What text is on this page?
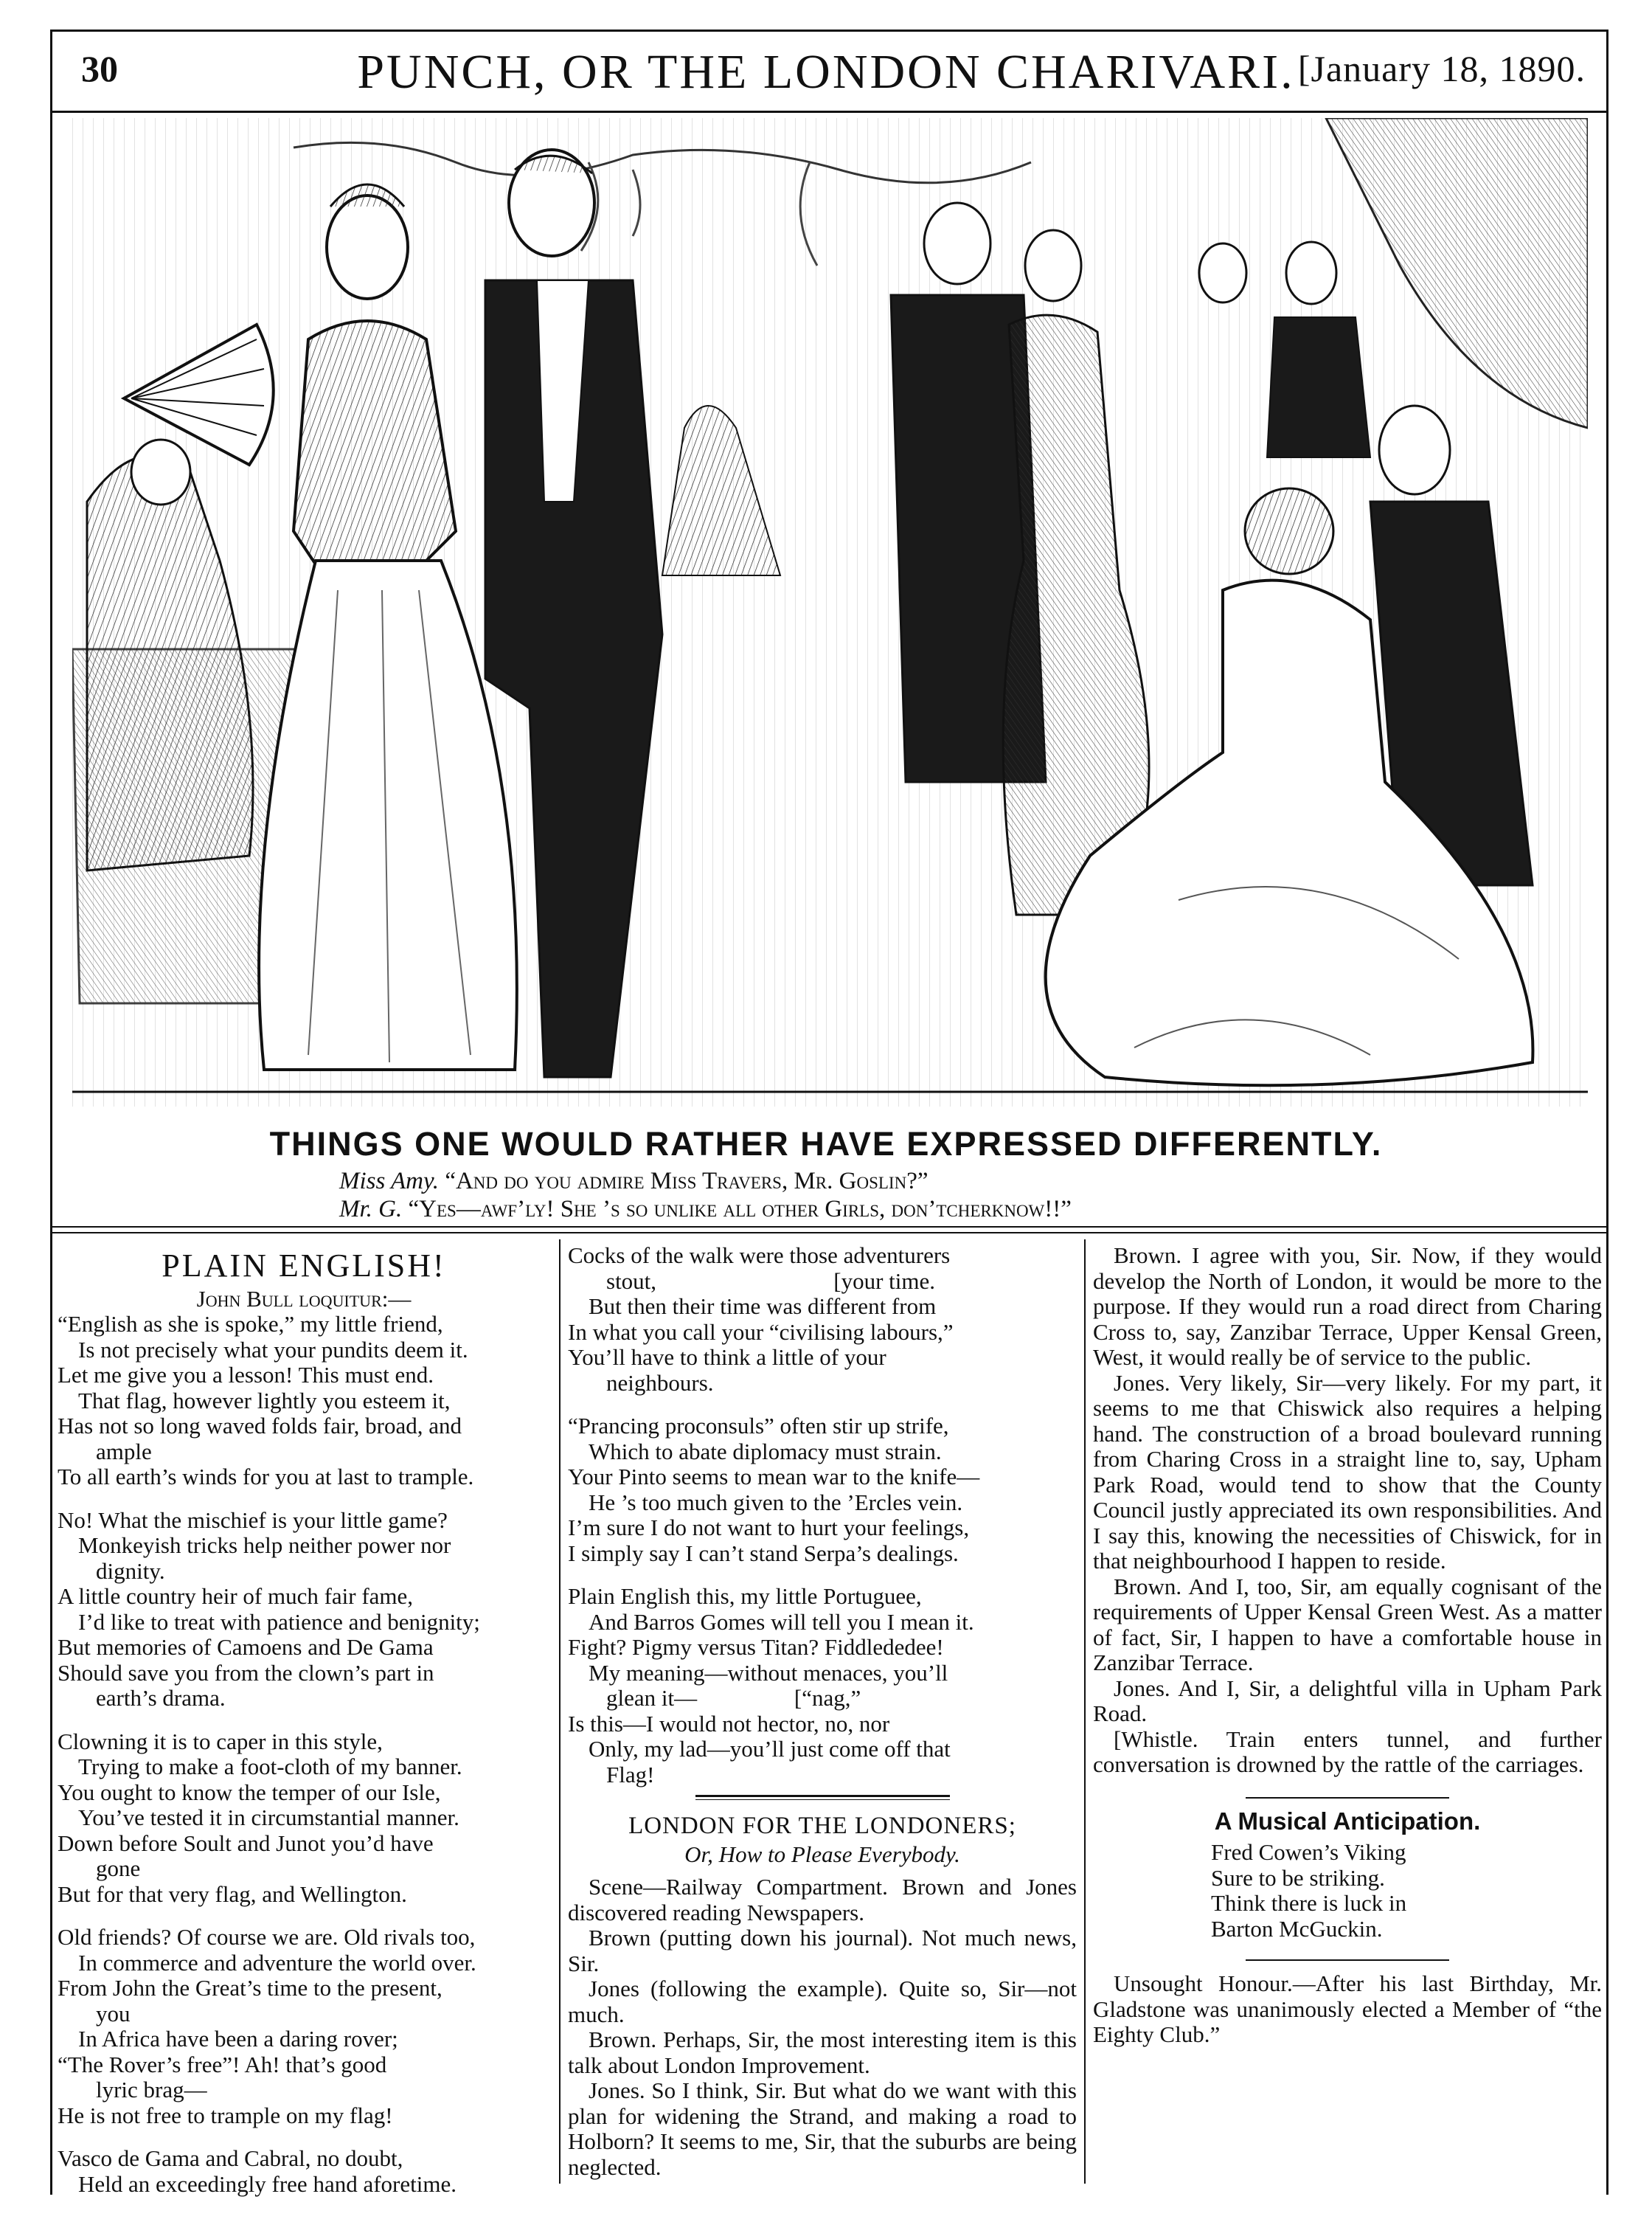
30	PUNCH, OR THE LONDON CHARIVARI. [January 18, 1890.
THINGS ONE WOULD RATHER HAVE EXPRESSED DIFFERENTLY.
Miss Amy. “And do you admire Miss Travers, Mr. Goslin?”
Mr. G. “Yes—awf’ly! She ’s so unlike all other Girls, don’tcherknow!!”
PLAIN ENGLISH!

John Bull loquitur:—

“English as she is spoke,” my little friend,

Is not precisely what your pundits deem it.

Let me give you a lesson! This must end.

That flag, however lightly you esteem it,

Has not so long waved folds fair, broad, and

ample

To all earth’s winds for you at last to trample.

No! What the mischief is your little game?

Monkeyish tricks help neither power nor

dignity.

A little country heir of much fair fame,

I’d like to treat with patience and benignity;

But memories of Camoens and De Gama

Should save you from the clown’s part in

earth’s drama.

Clowning it is to caper in this style,

Trying to make a foot-cloth of my banner.

You ought to know the temper of our Isle,

You’ve tested it in circumstantial manner.

Down before Soult and Junot you’d have

gone

But for that very flag, and Wellington.

Old friends? Of course we are. Old rivals too,

In commerce and adventure the world over.

From John the Great’s time to the present,

you

In Africa have been a daring rover;

“The Rover’s free”! Ah! that’s good

lyric brag—

He is not free to trample on my flag!

Vasco de Gama and Cabral, no doubt,

Held an exceedingly free hand aforetime.

Cocks of the walk were those adventurers

stout,                               [your time.

But then their time was different from

In what you call your “civilising labours,”

You’ll have to think a little of your

neighbours.

“Prancing proconsuls” often stir up strife,

Which to abate diplomacy must strain.

Your Pinto seems to mean war to the knife—

He ’s too much given to the ’Ercles vein.

I’m sure I do not want to hurt your feelings,

I simply say I can’t stand Serpa’s dealings.

Plain English this, my little Portuguee,

And Barros Gomes will tell you I mean it.

Fight? Pigmy versus Titan? Fiddlededee!

My meaning—without menaces, you’ll

glean it—                 [“nag,”

Is this—I would not hector, no, nor

Only, my lad—you’ll just come off that

Flag!

LONDON FOR THE LONDONERS;

Or, How to Please Everybody.

Scene—Railway Compartment. Brown and Jones discovered reading Newspapers.

Brown (putting down his journal). Not much news, Sir.

Jones (following the example). Quite so, Sir—not much.

Brown. Perhaps, Sir, the most interesting item is this talk about London Improvement.

Jones. So I think, Sir. But what do we want with this plan for widening the Strand, and making a road to Holborn? It seems to me, Sir, that the suburbs are being neglected.

Brown. I agree with you, Sir. Now, if they would develop the North of London, it would be more to the purpose. If they would run a road direct from Charing Cross to, say, Zanzibar Terrace, Upper Kensal Green, West, it would really be of service to the public.

Jones. Very likely, Sir—very likely. For my part, it seems to me that Chiswick also requires a helping hand. The construction of a broad boulevard running from Charing Cross in a straight line to, say, Upham Park Road, would tend to show that the County Council justly appreciated its own responsibilities. And I say this, knowing the necessities of Chiswick, for in that neighbourhood I happen to reside.

Brown. And I, too, Sir, am equally cognisant of the requirements of Upper Kensal Green West. As a matter of fact, Sir, I happen to have a comfortable house in Zanzibar Terrace.

Jones. And I, Sir, a delightful villa in Upham Park Road.

[Whistle. Train enters tunnel, and further conversation is drowned by the rattle of the carriages.

A Musical Anticipation.

Fred Cowen’s Viking

Sure to be striking.

Think there is luck in

Barton McGuckin.

Unsought Honour.—After his last Birthday, Mr. Gladstone was unanimously elected a Member of “the Eighty Club.”
